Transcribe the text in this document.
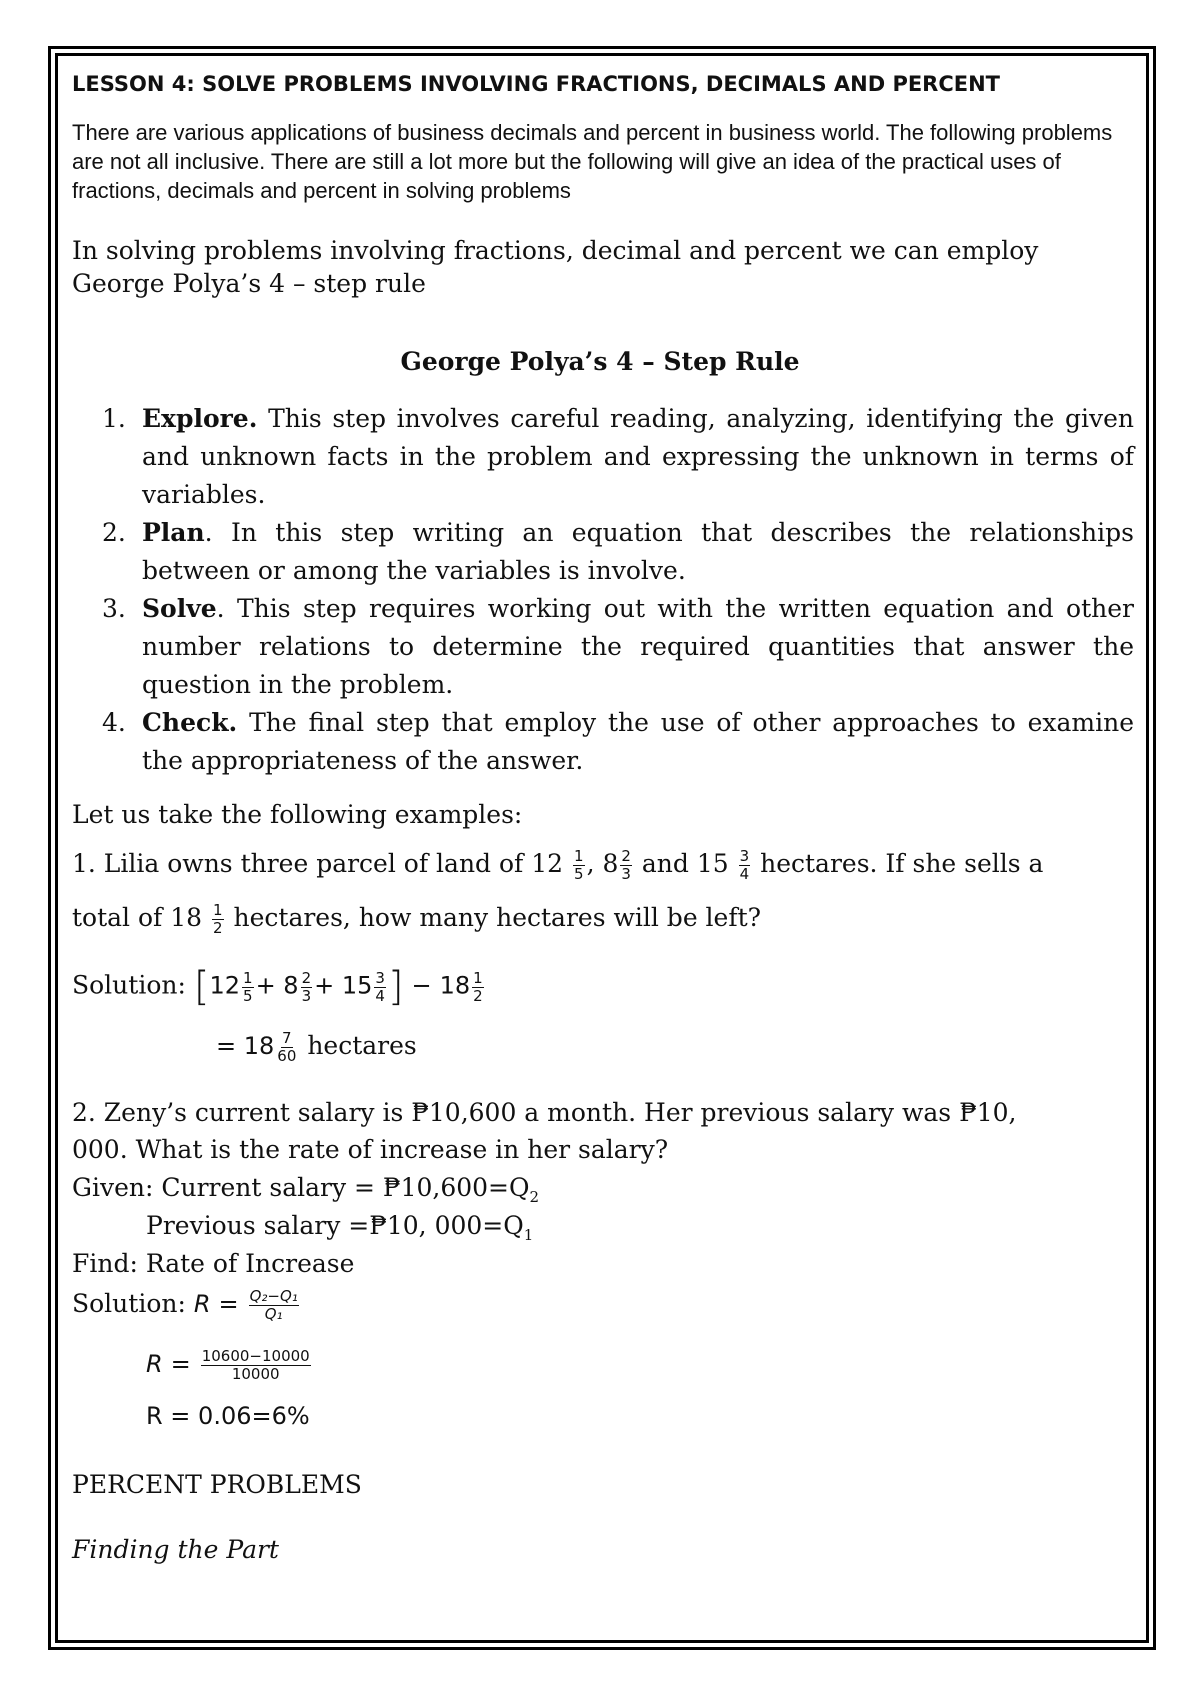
LESSON 4: SOLVE PROBLEMS INVOLVING FRACTIONS, DECIMALS AND PERCENT
There are various applications of business decimals and percent in business world. The following problems are not all inclusive. There are still a lot more but the following will give an idea of the practical uses of fractions, decimals and percent in solving problems
In solving problems involving fractions, decimal and percent we can employ
George Polya’s 4 – step rule
George Polya’s 4 – Step Rule
1. Explore. This step involves careful reading, analyzing, identifying the given and unknown facts in the problem and expressing the unknown in terms of variables.
2. Plan. In this step writing an equation that describes the relationships between or among the variables is involve.
3. Solve. This step requires working out with the written equation and other number relations to determine the required quantities that answer the question in the problem.
4. Check. The final step that employ the use of other approaches to examine the appropriateness of the answer.
Let us take the following examples:
1. Lilia owns three parcel of land of $12 \frac{1}{5}$ , $8 \frac{2}{3}$ and $15 \frac{3}{4}$ hectares. If she sells a
total of $18 \frac{1}{2}$ hectares, how many hectares will be left?
Solution: [$12 \frac{1}{5} + 8 \frac{2}{3} + 15 \frac{3}{4}$ ] − $18 \frac{1}{2}$
= $18 \frac{7}{60}$ hectares
2. Zeny’s current salary is ₱10,600 a month. Her previous salary was ₱10,
000. What is the rate of increase in her salary?
Given: Current salary = $₱10,600=Q_2$
Previous salary =₱10, $000=Q_1$
Find: Rate of Increase
Solution: $R = \frac{\text{Q₂−Q₁}}{\text{Q₁}}$
$R = \frac{10600-10000}{10000}$
R = 0.06=6%
PERCENT PROBLEMS
Finding the Part
